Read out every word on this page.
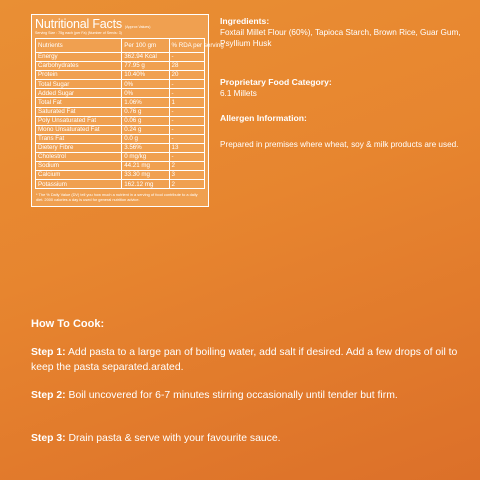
Nutritional Facts (Approx Values)
Serving Size : 75g each (per Fa) (Number of Servis: 3)
Nutrients	Per 100 gm	% RDA per serving
Energy	362.94 Kcal	-
Carbohydrates	77.95 g	28
Protein	10.40%	20
Total Sugar	0%	-
Added Sugar	0%	-
Total Fat	1.06%	1
Saturated Fat	0.76 g	-
Poly Unsaturated Fat	0.06 g	-
Mono Unsaturated Fat	0.24 g	-
Trans Fat	0.0 g	-
Dietery Fibre	3.56%	13
Cholestrol	0 mg/kg	-
Sodium	44.21 mg	2
Calcium	33.30 mg	3
Potassium	162.12 mg	2
* The % Daily Value (DV) tell you how much a nutrient in a serving of food contribute to a daily diet. 2000 calories a day is used for general nutrition advice.
Ingredients:
Foxtail Millet Flour (60%), Tapioca Starch, Brown Rice, Guar Gum, Psyllium Husk
Proprietary Food Category:
6.1 Millets
Allergen Information:
Prepared in premises where wheat, soy & milk products are used.
How To Cook:
Step 1: Add pasta to a large pan of boiling water, add salt if desired. Add a few drops of oil to keep the pasta separated.arated.
Step 2: Boil uncovered for 6-7 minutes stirring occasionally until tender but firm.
Step 3: Drain pasta & serve with your favourite sauce.
